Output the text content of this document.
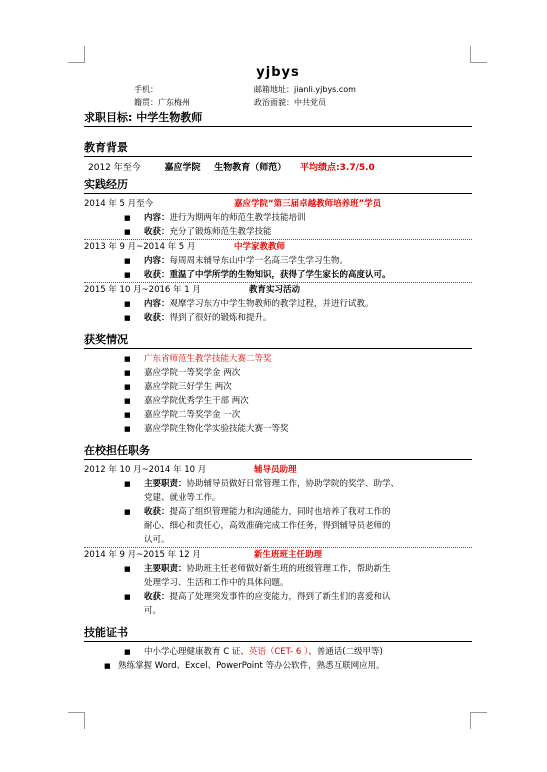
yjbys
手机：	邮箱地址：jianli.yjbys.com
籍贯：广东梅州	政治面貌：中共党员
求职目标: 中学生物教师
教育背景
2012 年至今	嘉应学院 生物教育（师范） 平均绩点:3.7/5.0
实践经历
2014 年 5 月至今	嘉应学院“第三届卓越教师培养班”学员
■ 内容：进行为期两年的师范生教学技能培训
■ 收获：充分了锻炼师范生教学技能
2013 年 9 月~2014 年 5 月	中学家教教师
■ 内容：每周周末辅导东山中学一名高三学生学习生物。
■ 收获：重温了中学所学的生物知识，获得了学生家长的高度认可。
2015 年 10 月~2016 年 1 月	教育实习活动
■ 内容：观摩学习东方中学生物教师的教学过程，并进行试教。
■ 收获：得到了很好的锻炼和提升。
获奖情况
■ 广东省师范生教学技能大赛二等奖
■ 嘉应学院一等奖学金 两次
■ 嘉应学院三好学生 两次
■ 嘉应学院优秀学生干部 两次
■ 嘉应学院二等奖学金 一次
■ 嘉应学院生物化学实验技能大赛一等奖
在校担任职务
2012 年 10 月~2014 年 10 月	辅导员助理
■ 主要职责：协助辅导员做好日常管理工作，协助学院的奖学、助学、
党建、就业等工作。
■ 收获：提高了组织管理能力和沟通能力，同时也培养了我对工作的
耐心、细心和责任心，高效准确完成工作任务，得到辅导员老师的
认可。
2014 年 9 月~2015 年 12 月	新生班班主任助理
■ 主要职责：协助班主任老师做好新生班的班级管理工作，帮助新生
处理学习、生活和工作中的具体问题。
■ 收获：提高了处理突发事件的应变能力，得到了新生们的喜爱和认
可。
技能证书
■ 中小学心理健康教育 C 证、英语（CET- 6 ）、普通话(二级甲等)
■ 熟练掌握 Word、Excel、PowerPoint 等办公软件，熟悉互联网应用。
